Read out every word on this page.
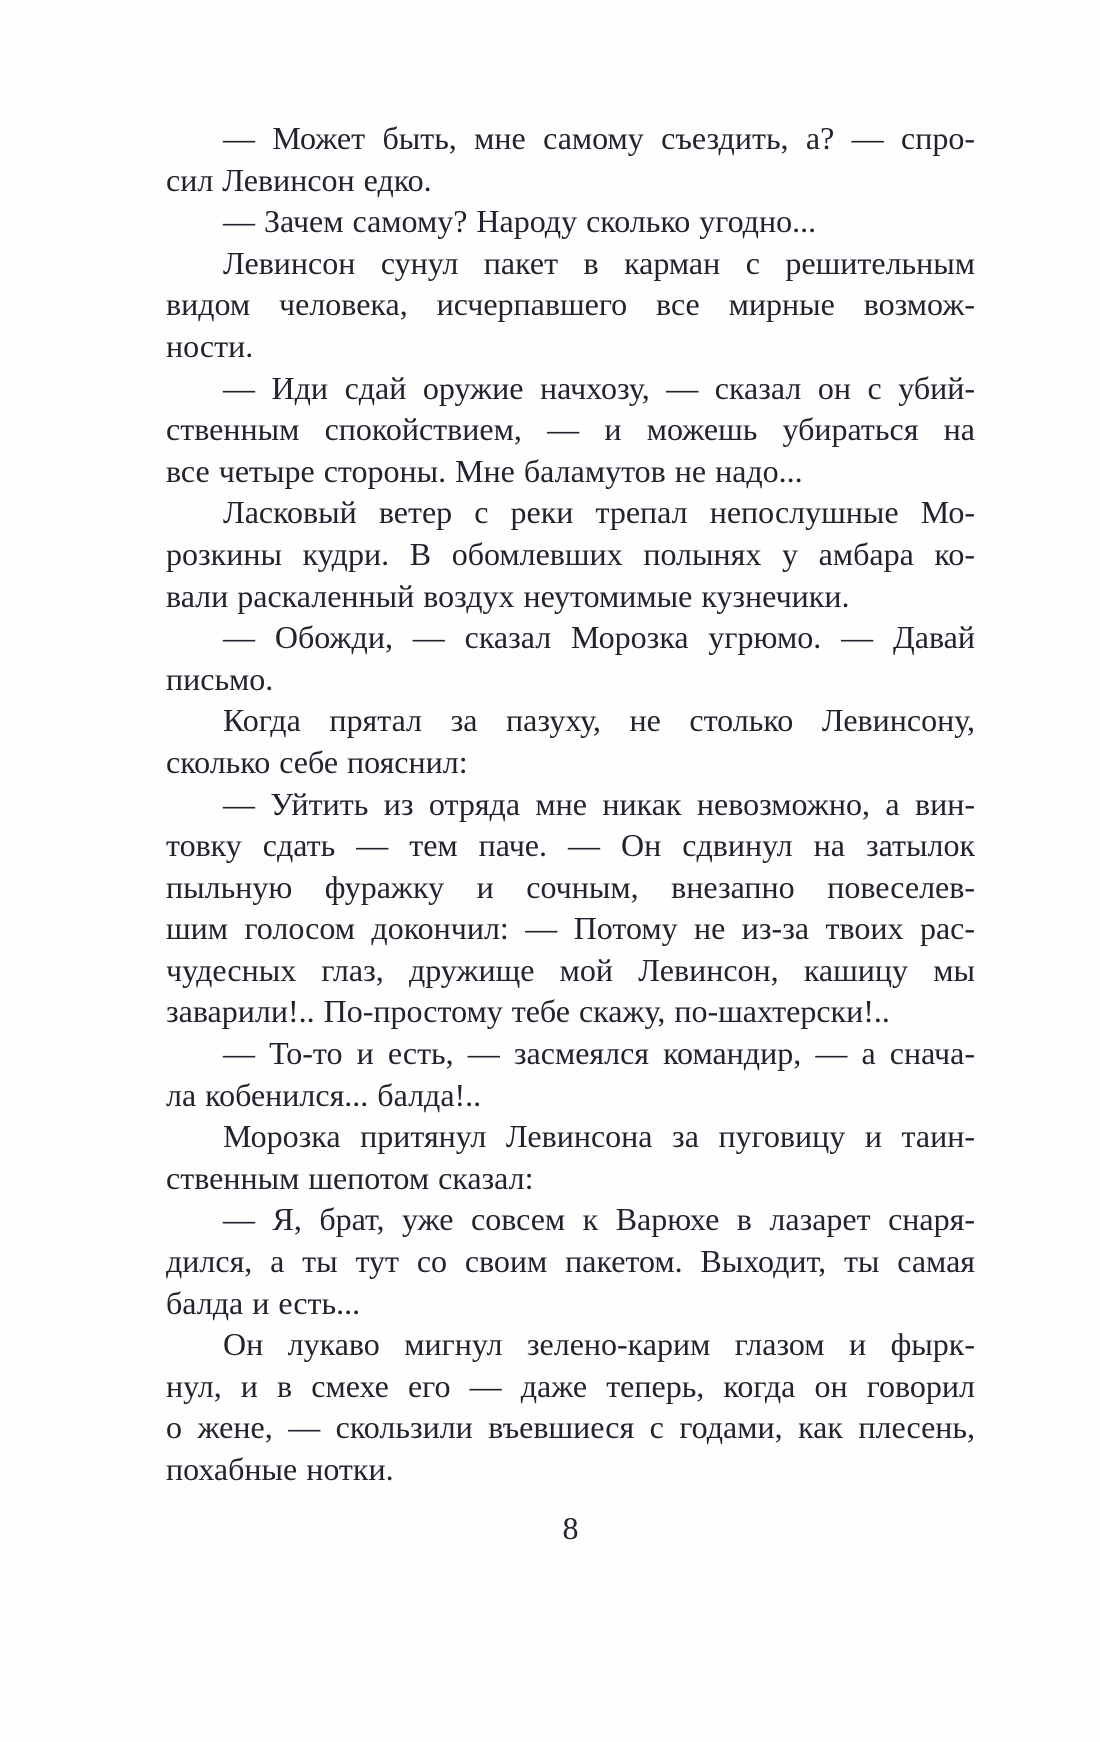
— Может быть, мне самому съездить, а? — спро-
сил Левинсон едко.
— Зачем самому? Народу сколько угодно...
Левинсон сунул пакет в карман с решительным
видом человека, исчерпавшего все мирные возмож-
ности.
— Иди сдай оружие начхозу, — сказал он с убий-
ственным спокойствием, — и можешь убираться на
все четыре стороны. Мне баламутов не надо...
Ласковый ветер с реки трепал непослушные Мо-
розкины кудри. В обомлевших полынях у амбара ко-
вали раскаленный воздух неутомимые кузнечики.
— Обожди, — сказал Морозка угрюмо. — Давай
письмо.
Когда прятал за пазуху, не столько Левинсону,
сколько себе пояснил:
— Уйтить из отряда мне никак невозможно, а вин-
товку сдать — тем паче. — Он сдвинул на затылок
пыльную фуражку и сочным, внезапно повеселев-
шим голосом докончил: — Потому не из-за твоих рас-
чудесных глаз, дружище мой Левинсон, кашицу мы
заварили!.. По-простому тебе скажу, по-шахтерски!..
— То-то и есть, — засмеялся командир, — а снача-
ла кобенился... балда!..
Морозка притянул Левинсона за пуговицу и таин-
ственным шепотом сказал:
— Я, брат, уже совсем к Варюхе в лазарет снаря-
дился, а ты тут со своим пакетом. Выходит, ты самая
балда и есть...
Он лукаво мигнул зелено-карим глазом и фырк-
нул, и в смехе его — даже теперь, когда он говорил
о жене, — скользили въевшиеся с годами, как плесень,
похабные нотки.
8
